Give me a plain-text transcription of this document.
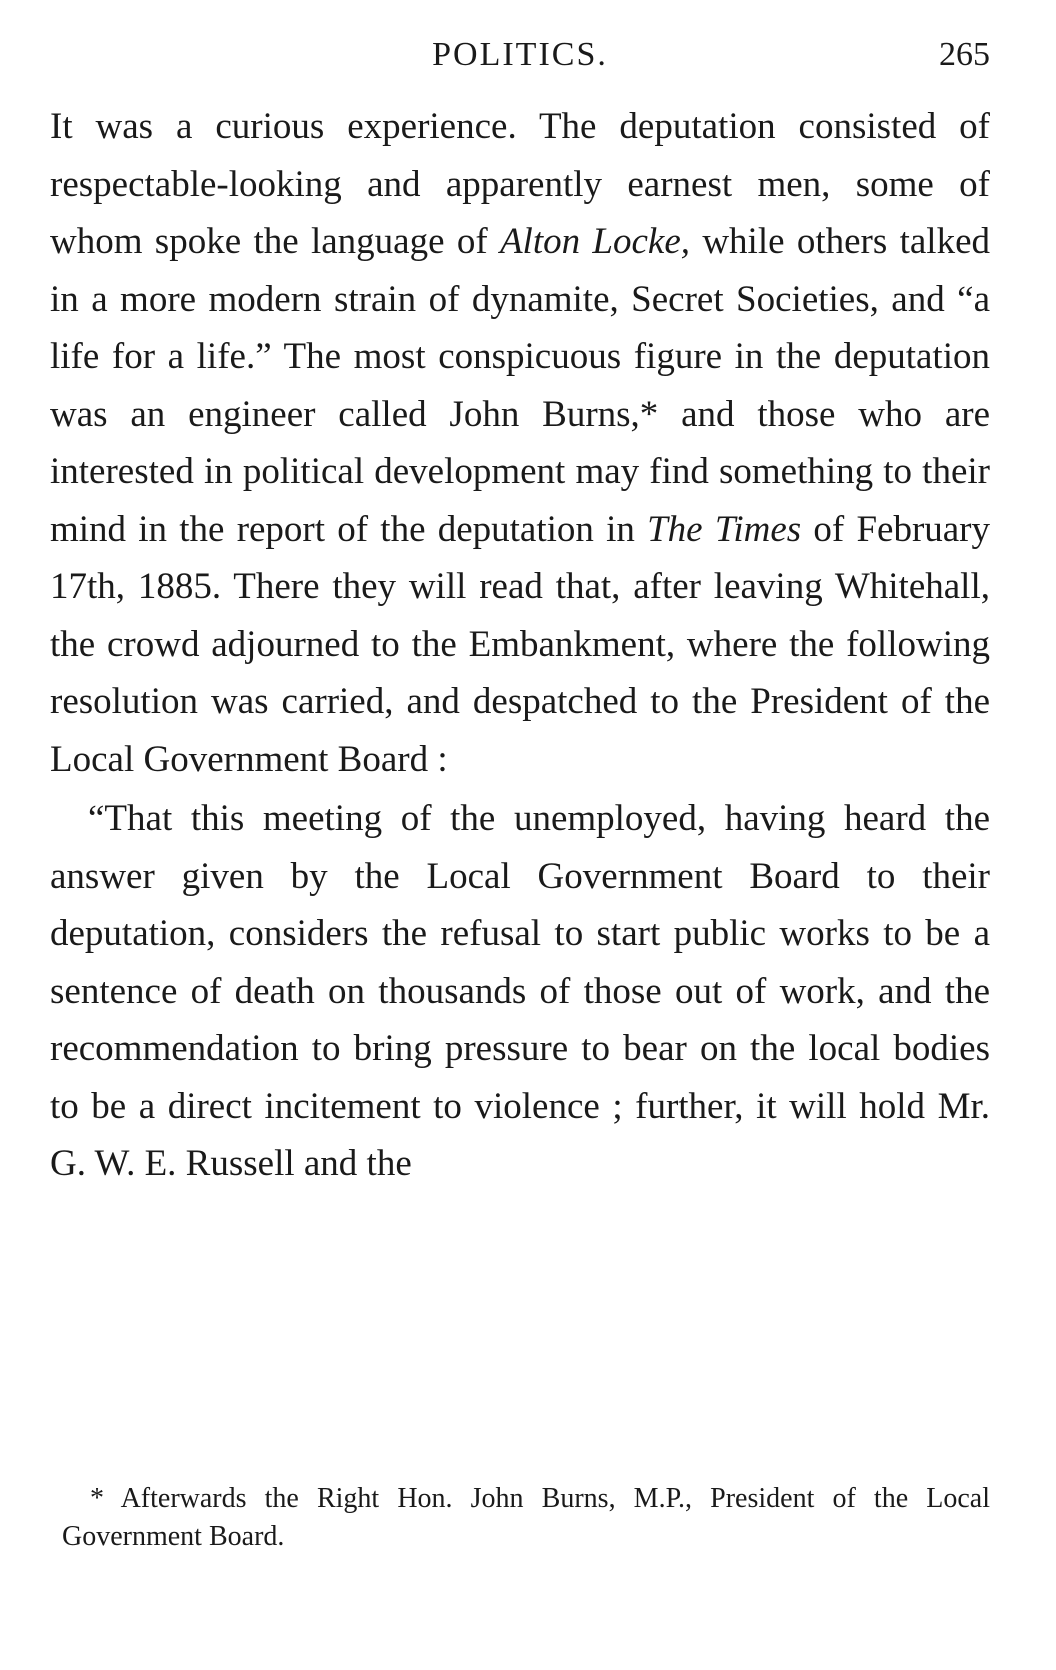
POLITICS.	265

It was a curious experience. The deputation consisted of respectable-looking and apparently earnest men, some of whom spoke the language of Alton Locke, while others talked in a more modern strain of dynamite, Secret Societies, and “a life for a life.” The most conspicuous figure in the deputation was an engineer called John Burns,* and those who are interested in political development may find something to their mind in the report of the deputation in The Times of February 17th, 1885. There they will read that, after leaving Whitehall, the crowd adjourned to the Embankment, where the following resolution was carried, and despatched to the President of the Local Government Board :

“That this meeting of the unemployed, having heard the answer given by the Local Government Board to their deputation, considers the refusal to start public works to be a sentence of death on thousands of those out of work, and the recommendation to bring pressure to bear on the local bodies to be a direct incitement to violence ; further, it will hold Mr. G. W. E. Russell and the

* Afterwards the Right Hon. John Burns, M.P., President of the Local Government Board.
